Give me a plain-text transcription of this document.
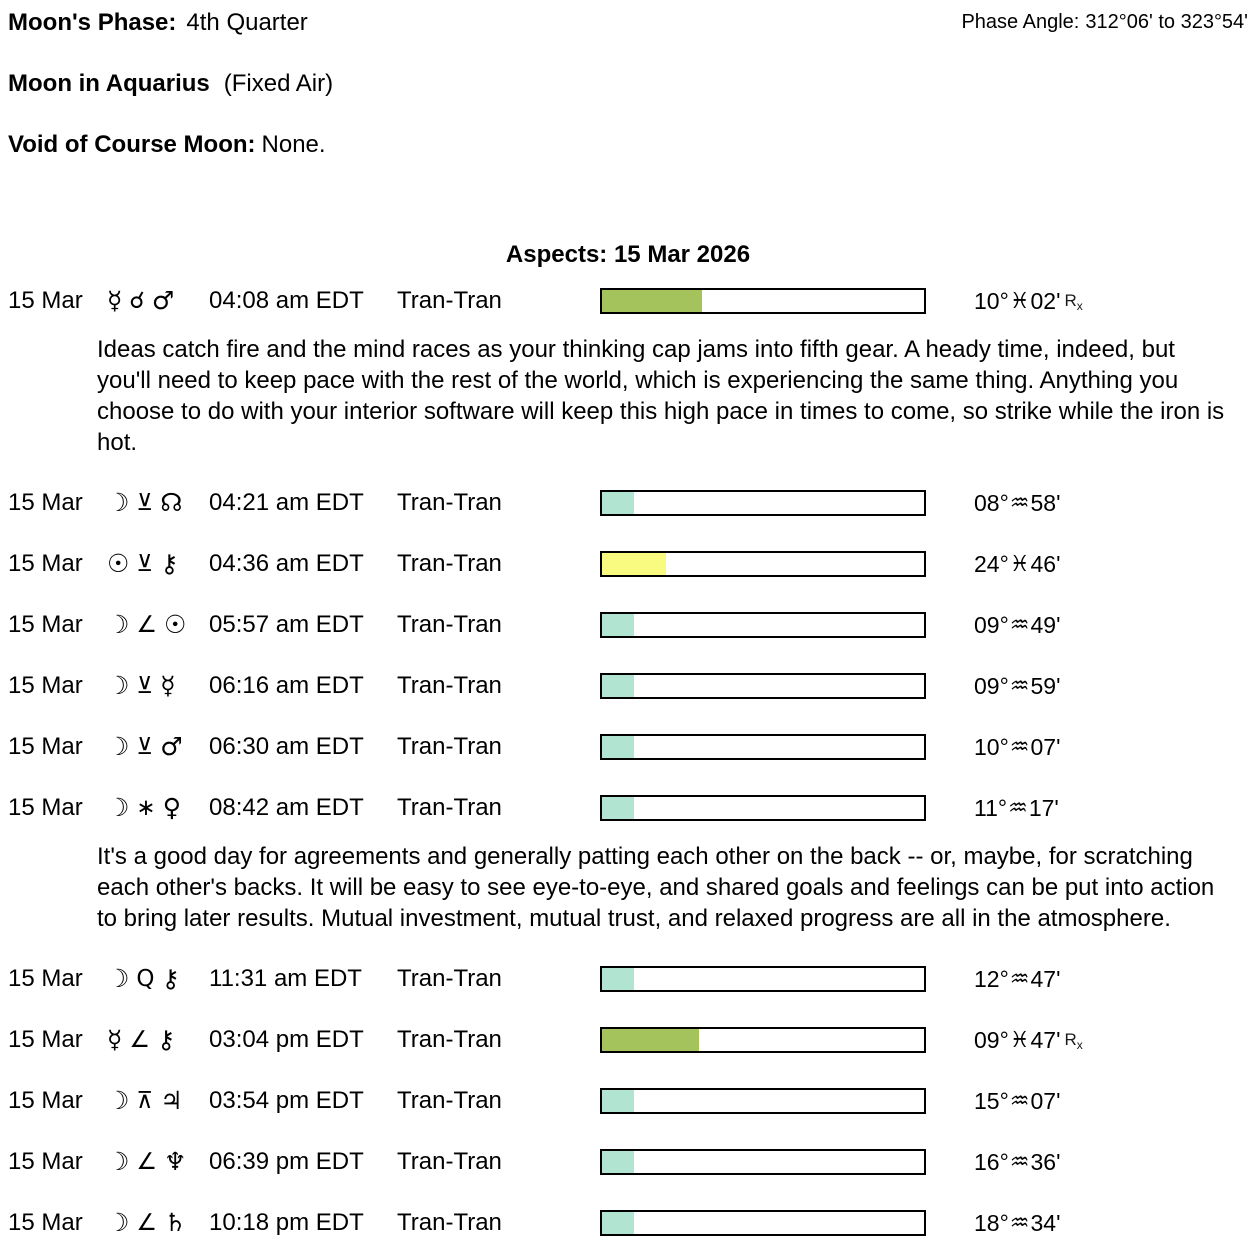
Moon's Phase: 4th Quarter	Phase Angle: 312°06' to 323°54'
Moon in Aquarius (Fixed Air)
Void of Course Moon: None.
Aspects: 15 Mar 2026
15 Mar ☿ ☌ ♂ 04:08 am EDT	Tran-Tran	10° ♓ 02' R x

Ideas catch fire and the mind races as your thinking cap jams into fifth gear. A heady time, indeed, but you'll need to keep pace with the rest of the world, which is experiencing the same thing. Anything you choose to do with your interior software will keep this high pace in times to come, so strike while the iron is hot.

15 Mar ☽ ⊻ ☊ 04:21 am EDT	Tran-Tran	08° ♒ 58'
15 Mar ☉ ⊻ ⚷ 04:36 am EDT	Tran-Tran	24° ♓ 46'
15 Mar ☽ ∠ ☉ 05:57 am EDT	Tran-Tran	09° ♒ 49'
15 Mar ☽ ⊻ ☿ 06:16 am EDT	Tran-Tran	09° ♒ 59'
15 Mar ☽ ⊻ ♂ 06:30 am EDT	Tran-Tran	10° ♒ 07'
15 Mar ☽ ∗ ♀ 08:42 am EDT	Tran-Tran	11° ♒ 17'

It's a good day for agreements and generally patting each other on the back -- or, maybe, for scratching each other's backs. It will be easy to see eye-to-eye, and shared goals and feelings can be put into action to bring later results. Mutual investment, mutual trust, and relaxed progress are all in the atmosphere.

15 Mar ☽ Q ⚷ 11:31 am EDT	Tran-Tran	12° ♒ 47'
15 Mar ☿ ∠ ⚷ 03:04 pm EDT	Tran-Tran	09° ♓ 47' R x
15 Mar ☽ ⊼ ♃ 03:54 pm EDT	Tran-Tran	15° ♒ 07'
15 Mar ☽ ∠ ♆ 06:39 pm EDT	Tran-Tran	16° ♒ 36'
15 Mar ☽ ∠ ♄ 10:18 pm EDT	Tran-Tran	18° ♒ 34'
